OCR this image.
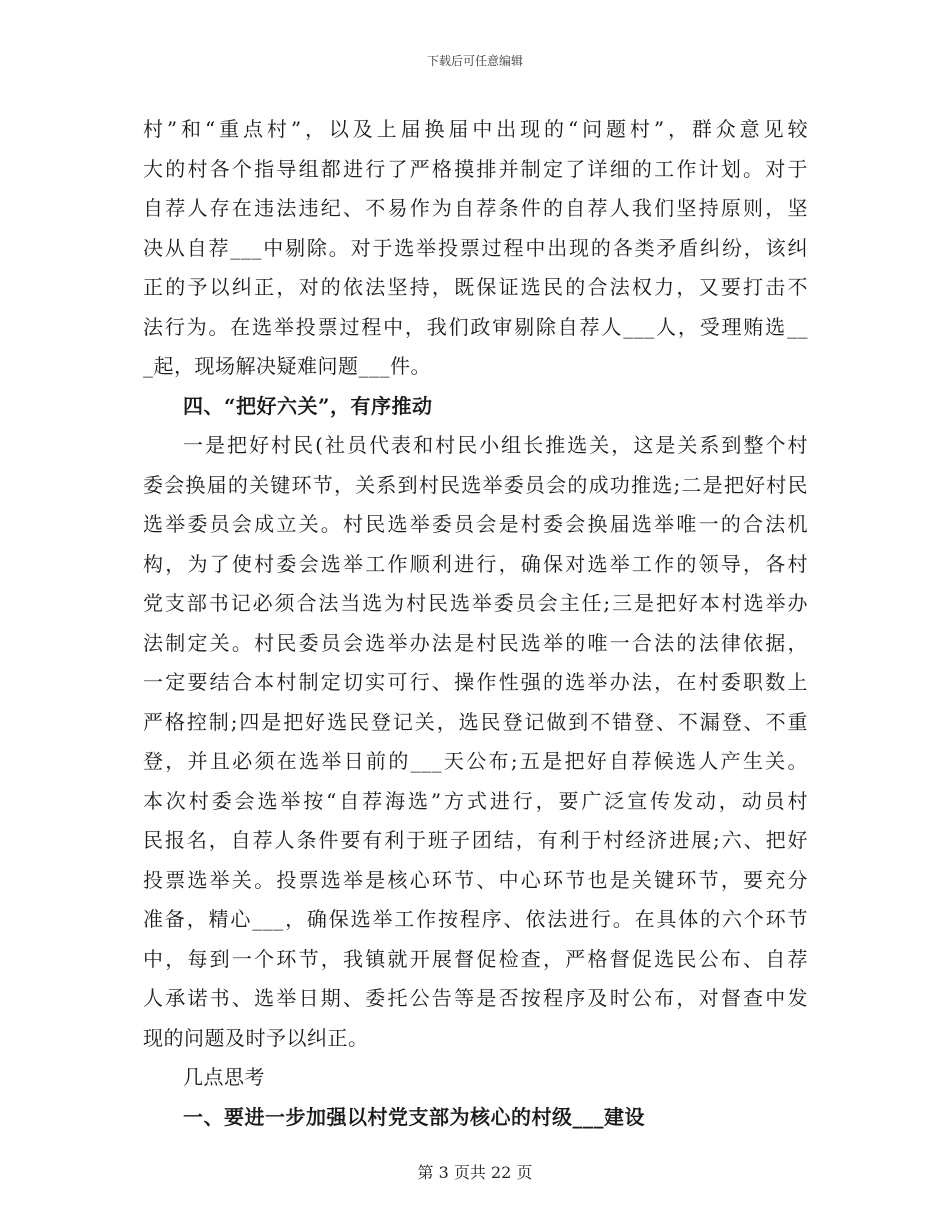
下载后可任意编辑
村”和“重点村”，以及上届换届中出现的“问题村”，群众意见较
大的村各个指导组都进行了严格摸排并制定了详细的工作计划。对于
自荐人存在违法违纪、不易作为自荐条件的自荐人我们坚持原则，坚
决从自荐___中剔除。对于选举投票过程中出现的各类矛盾纠纷，该纠
正的予以纠正，对的依法坚持，既保证选民的合法权力，又要打击不
法行为。在选举投票过程中，我们政审剔除自荐人___人，受理贿选__
_起，现场解决疑难问题___件。
四、“把好六关”，有序推动
一是把好村民(社员代表和村民小组长推选关，这是关系到整个村
委会换届的关键环节，关系到村民选举委员会的成功推选;二是把好村民
选举委员会成立关。村民选举委员会是村委会换届选举唯一的合法机
构，为了使村委会选举工作顺利进行，确保对选举工作的领导，各村
党支部书记必须合法当选为村民选举委员会主任;三是把好本村选举办
法制定关。村民委员会选举办法是村民选举的唯一合法的法律依据，
一定要结合本村制定切实可行、操作性强的选举办法，在村委职数上
严格控制;四是把好选民登记关，选民登记做到不错登、不漏登、不重
登，并且必须在选举日前的___天公布;五是把好自荐候选人产生关。
本次村委会选举按“自荐海选”方式进行，要广泛宣传发动，动员村
民报名，自荐人条件要有利于班子团结，有利于村经济进展;六、把好
投票选举关。投票选举是核心环节、中心环节也是关键环节，要充分
准备，精心___，确保选举工作按程序、依法进行。在具体的六个环节
中，每到一个环节，我镇就开展督促检查，严格督促选民公布、自荐
人承诺书、选举日期、委托公告等是否按程序及时公布，对督查中发
现的问题及时予以纠正。
几点思考
一、要进一步加强以村党支部为核心的村级___建设
第 3 页共 22 页
